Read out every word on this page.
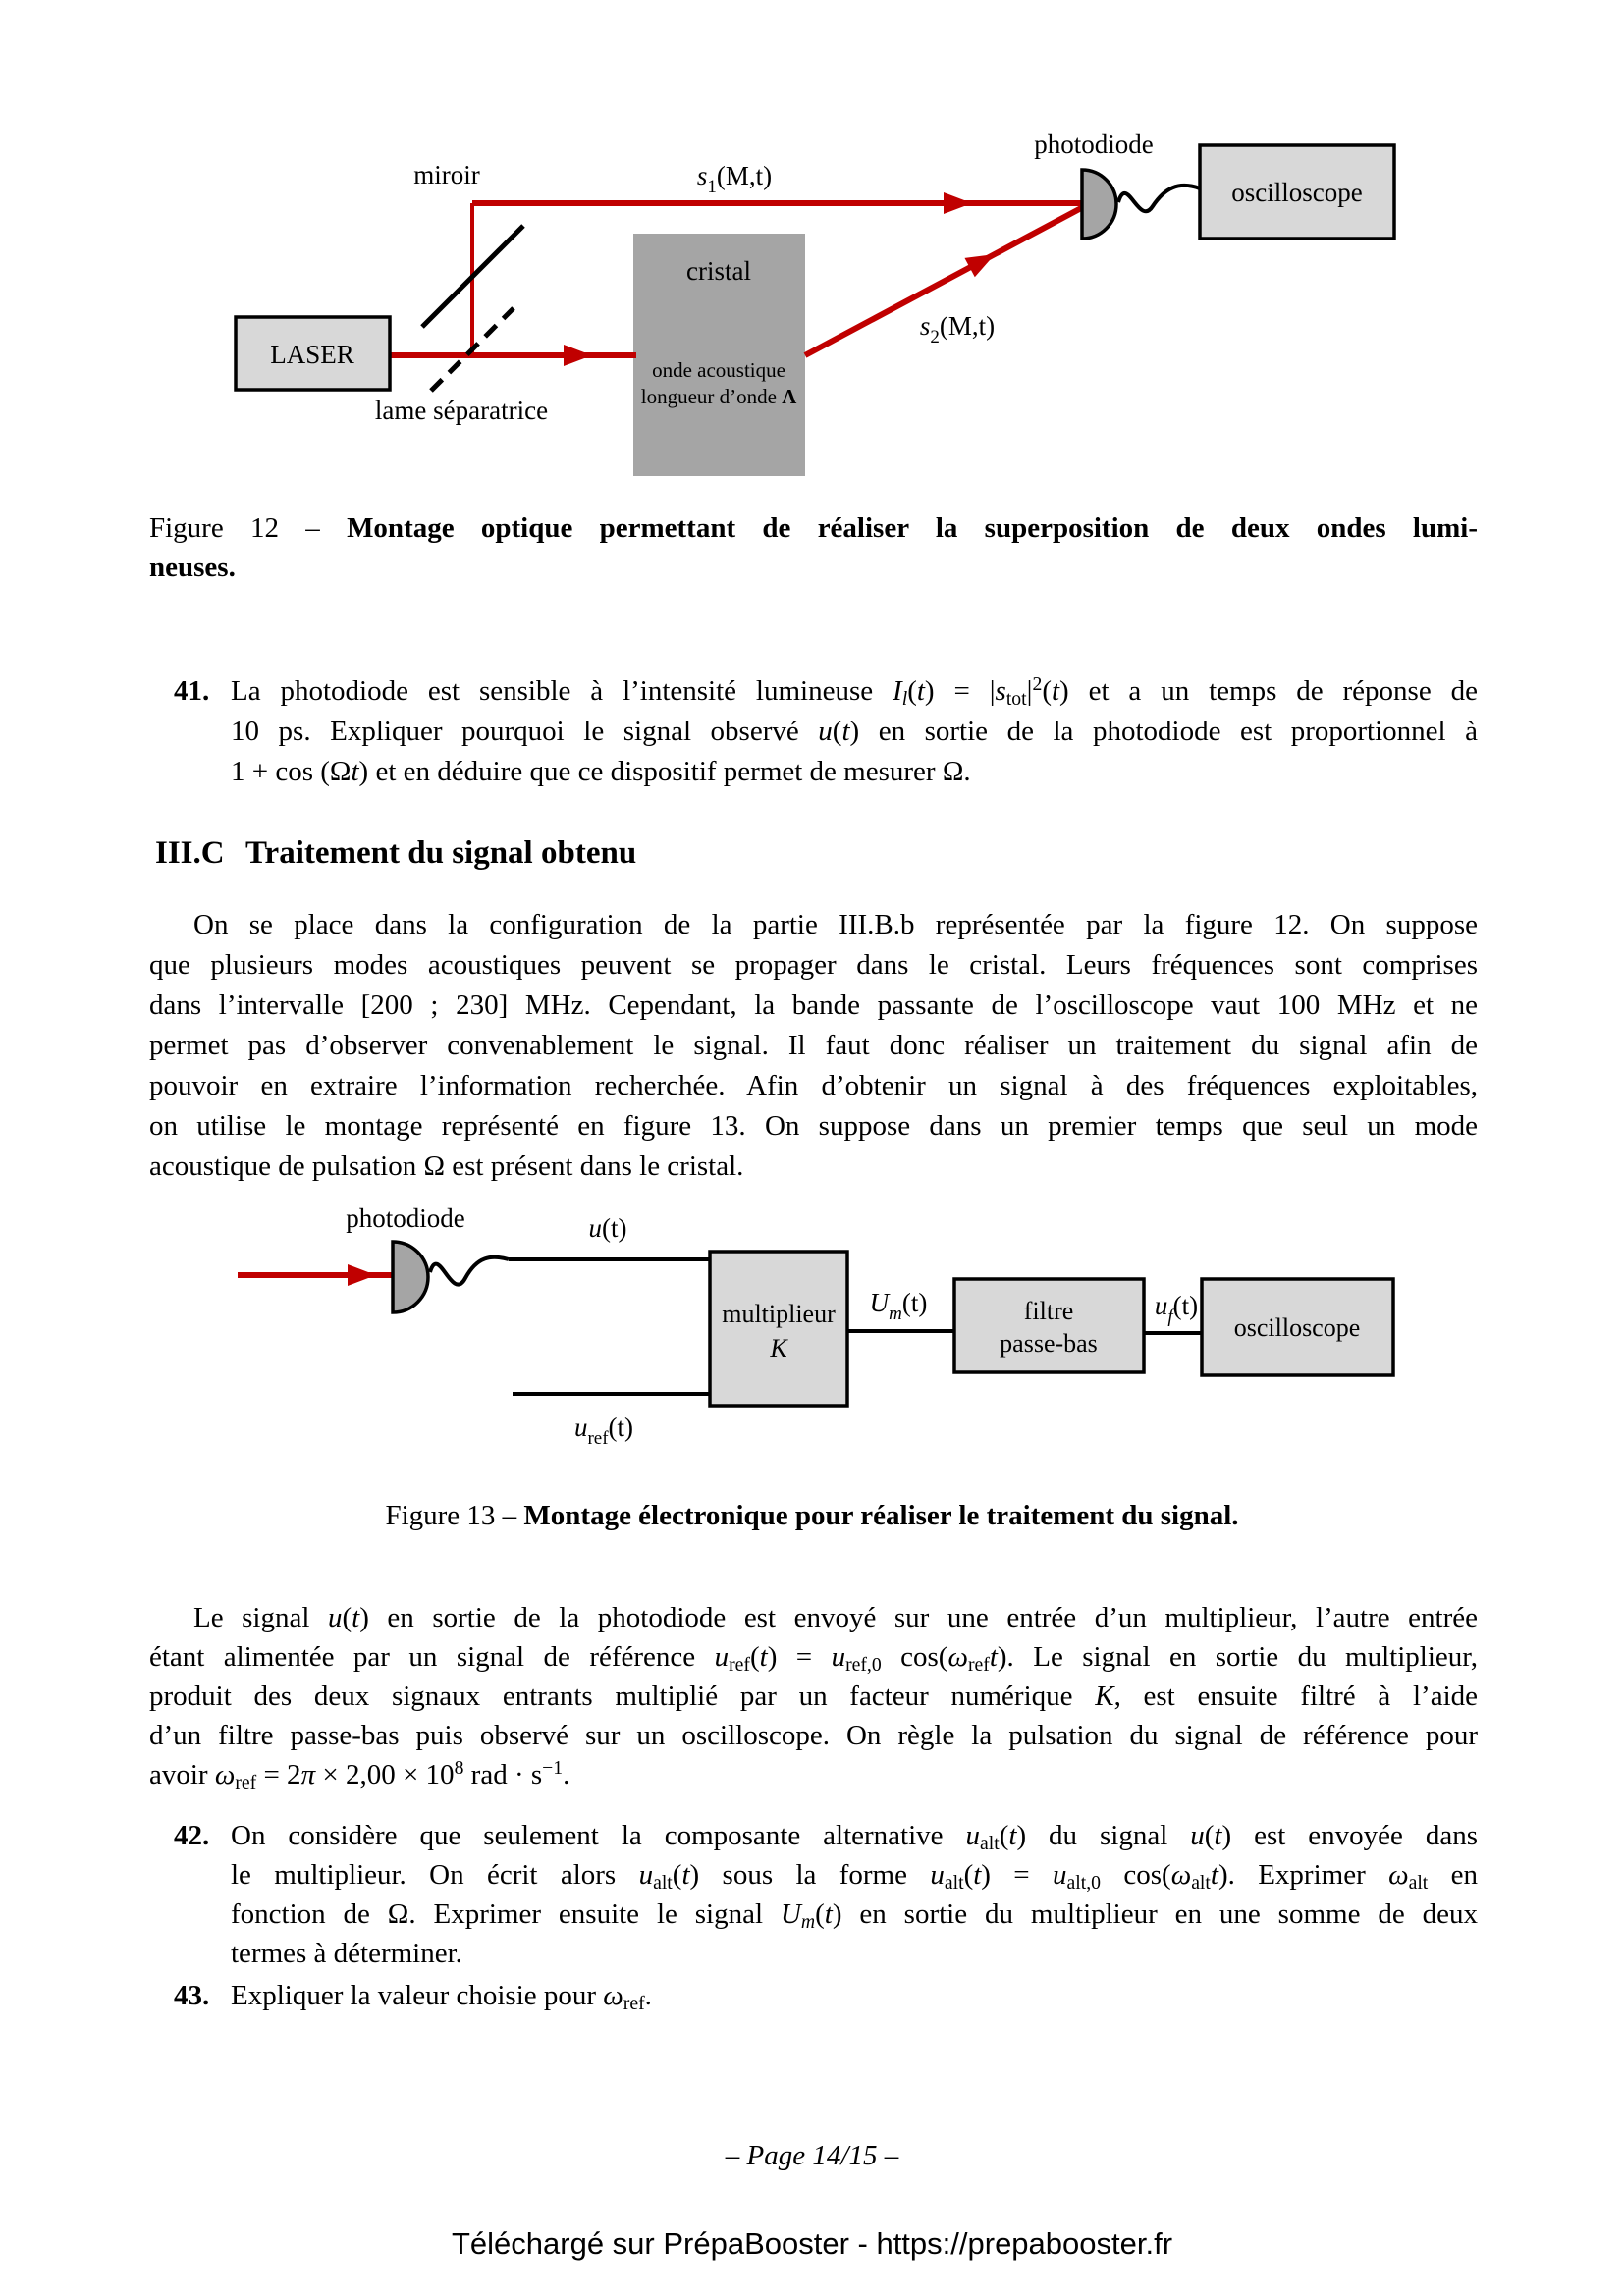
LASER
photodiode
oscilloscope
miroir
lame séparatrice
$s_1(M,t)$
$s_2(M,t)$
cristal
onde acoustique
longueur d’onde Λ
Figure 12 – Montage optique permettant de réaliser la superposition de deux ondes lumi-
neuses.
41. La photodiode est sensible à l’intensité lumineuse $I_l(t) = |s_{tot}|^2(t)$ et a un temps de réponse de
10 ps. Expliquer pourquoi le signal observé u(t) en sortie de la photodiode est proportionnel à
1 + cos (Ωt) et en déduire que ce dispositif permet de mesurer Ω.
III.C Traitement du signal obtenu
On se place dans la configuration de la partie III.B.b représentée par la figure 12. On suppose
que plusieurs modes acoustiques peuvent se propager dans le cristal. Leurs fréquences sont comprises
dans l’intervalle [200 ; 230] MHz. Cependant, la bande passante de l’oscilloscope vaut 100 MHz et ne
permet pas d’observer convenablement le signal. Il faut donc réaliser un traitement du signal afin de
pouvoir en extraire l’information recherchée. Afin d’obtenir un signal à des fréquences exploitables,
on utilise le montage représenté en figure 13. On suppose dans un premier temps que seul un mode
acoustique de pulsation Ω est présent dans le cristal.
photodiode
multiplieur
K
filtre
passe-bas
oscilloscope
u(t)
$u_{ref}(t)$
$U_m(t)$	$u_f(t)$
Figure 13 – Montage électronique pour réaliser le traitement du signal.
Le signal u(t) en sortie de la photodiode est envoyé sur une entrée d’un multiplieur, l’autre entrée
étant alimentée par un signal de référence $u_{ref}(t) = u_{ref,0}$ $\cos(\omega_{ref}t)$. Le signal en sortie du multiplieur,
produit des deux signaux entrants multiplié par un facteur numérique K, est ensuite filtré à l’aide
d’un filtre passe-bas puis observé sur un oscilloscope. On règle la pulsation du signal de référence pour
avoir $\omega_{ref} = 2\pi \times 2,00 \times 10^8$ rad · $s^{-1}$.
42. On considère que seulement la composante alternative $u_{alt}(t)$ du signal u(t) est envoyée dans
le multiplieur. On écrit alors $u_{alt}(t)$ sous la forme $u_{alt}(t) = u_{alt,0}$ $\cos(\omega_{alt}t)$. Exprimer $\omega_{alt}$ en
fonction de Ω. Exprimer ensuite le signal $U_m(t)$ en sortie du multiplieur en une somme de deux
termes à déterminer.
43. Expliquer la valeur choisie pour $\omega_{ref}$.
– Page 14/15 –
Téléchargé sur PrépaBooster - https://prepabooster.fr
